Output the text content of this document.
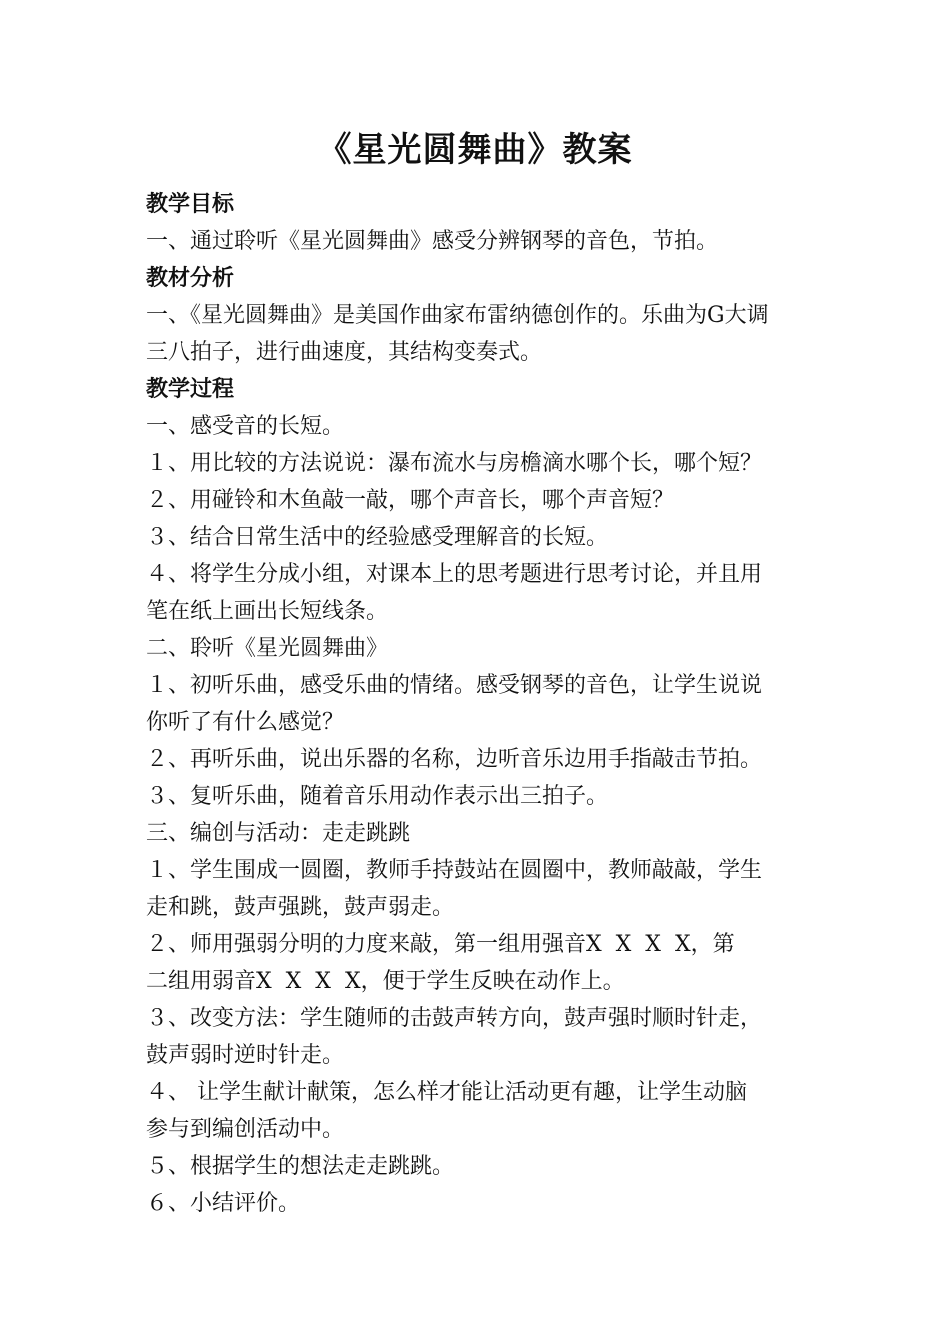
《星光圆舞曲》教案
教学目标
一、通过聆听《星光圆舞曲》感受分辨钢琴的音色，节拍。
教材分析
一、《星光圆舞曲》是美国作曲家布雷纳德创作的。乐曲为G大调
三八拍子，进行曲速度，其结构变奏式。
教学过程
一、感受音的长短。
１、用比较的方法说说：瀑布流水与房檐滴水哪个长，哪个短？
２、用碰铃和木鱼敲一敲，哪个声音长，哪个声音短？
３、结合日常生活中的经验感受理解音的长短。
４、将学生分成小组，对课本上的思考题进行思考讨论，并且用
笔在纸上画出长短线条。
二、聆听《星光圆舞曲》
１、初听乐曲，感受乐曲的情绪。感受钢琴的音色，让学生说说
你听了有什么感觉？
２、再听乐曲，说出乐器的名称，边听音乐边用手指敲击节拍。
３、复听乐曲，随着音乐用动作表示出三拍子。
三、编创与活动：走走跳跳
１、学生围成一圆圈，教师手持鼓站在圆圈中，教师敲敲，学生
走和跳，鼓声强跳，鼓声弱走。
２、师用强弱分明的力度来敲，第一组用强音X  X  X  X，第
二组用弱音X  X  X  X，便于学生反映在动作上。
３、改变方法：学生随师的击鼓声转方向，鼓声强时顺时针走，
鼓声弱时逆时针走。
４、 让学生献计献策，怎么样才能让活动更有趣，让学生动脑
参与到编创活动中。
５、根据学生的想法走走跳跳。
６、小结评价。
